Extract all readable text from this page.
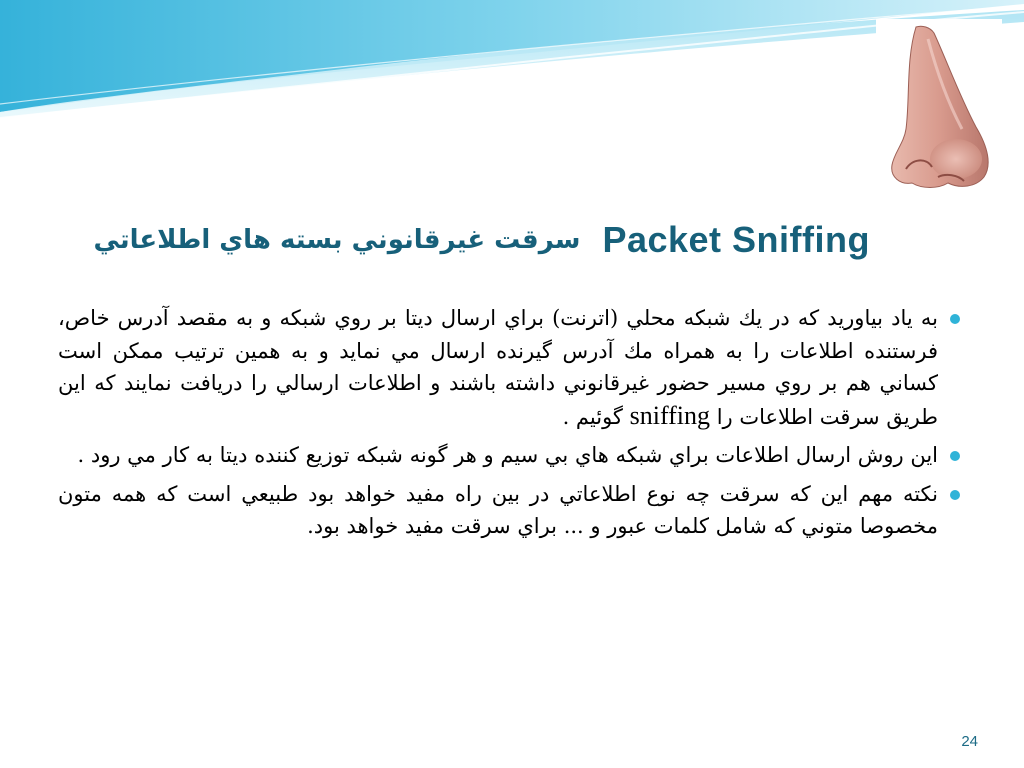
Packet Sniffing
سرقت غيرقانوني بسته هاي اطلاعاتي

به ياد بياوريد كه در يك شبكه محلي (اترنت) براي ارسال ديتا بر روي شبكه و به مقصد آدرس خاص، فرستنده اطلاعات را به همراه مك آدرس گيرنده ارسال مي نمايد و به همين ترتيب ممكن است كساني هم بر روي مسير حضور غيرقانوني داشته باشند و اطلاعات ارسالي را دريافت نمايند كه اين طريق سرقت اطلاعات را sniffing گوئيم .

اين روش ارسال اطلاعات براي شبكه هاي بي سيم و هر گونه شبكه توزيع كننده ديتا به كار مي رود .

نكته مهم اين كه سرقت چه نوع اطلاعاتي در بين راه مفيد خواهد بود طبيعي است كه همه متون مخصوصا متوني كه شامل كلمات عبور و ... براي سرقت مفيد خواهد بود.

24
